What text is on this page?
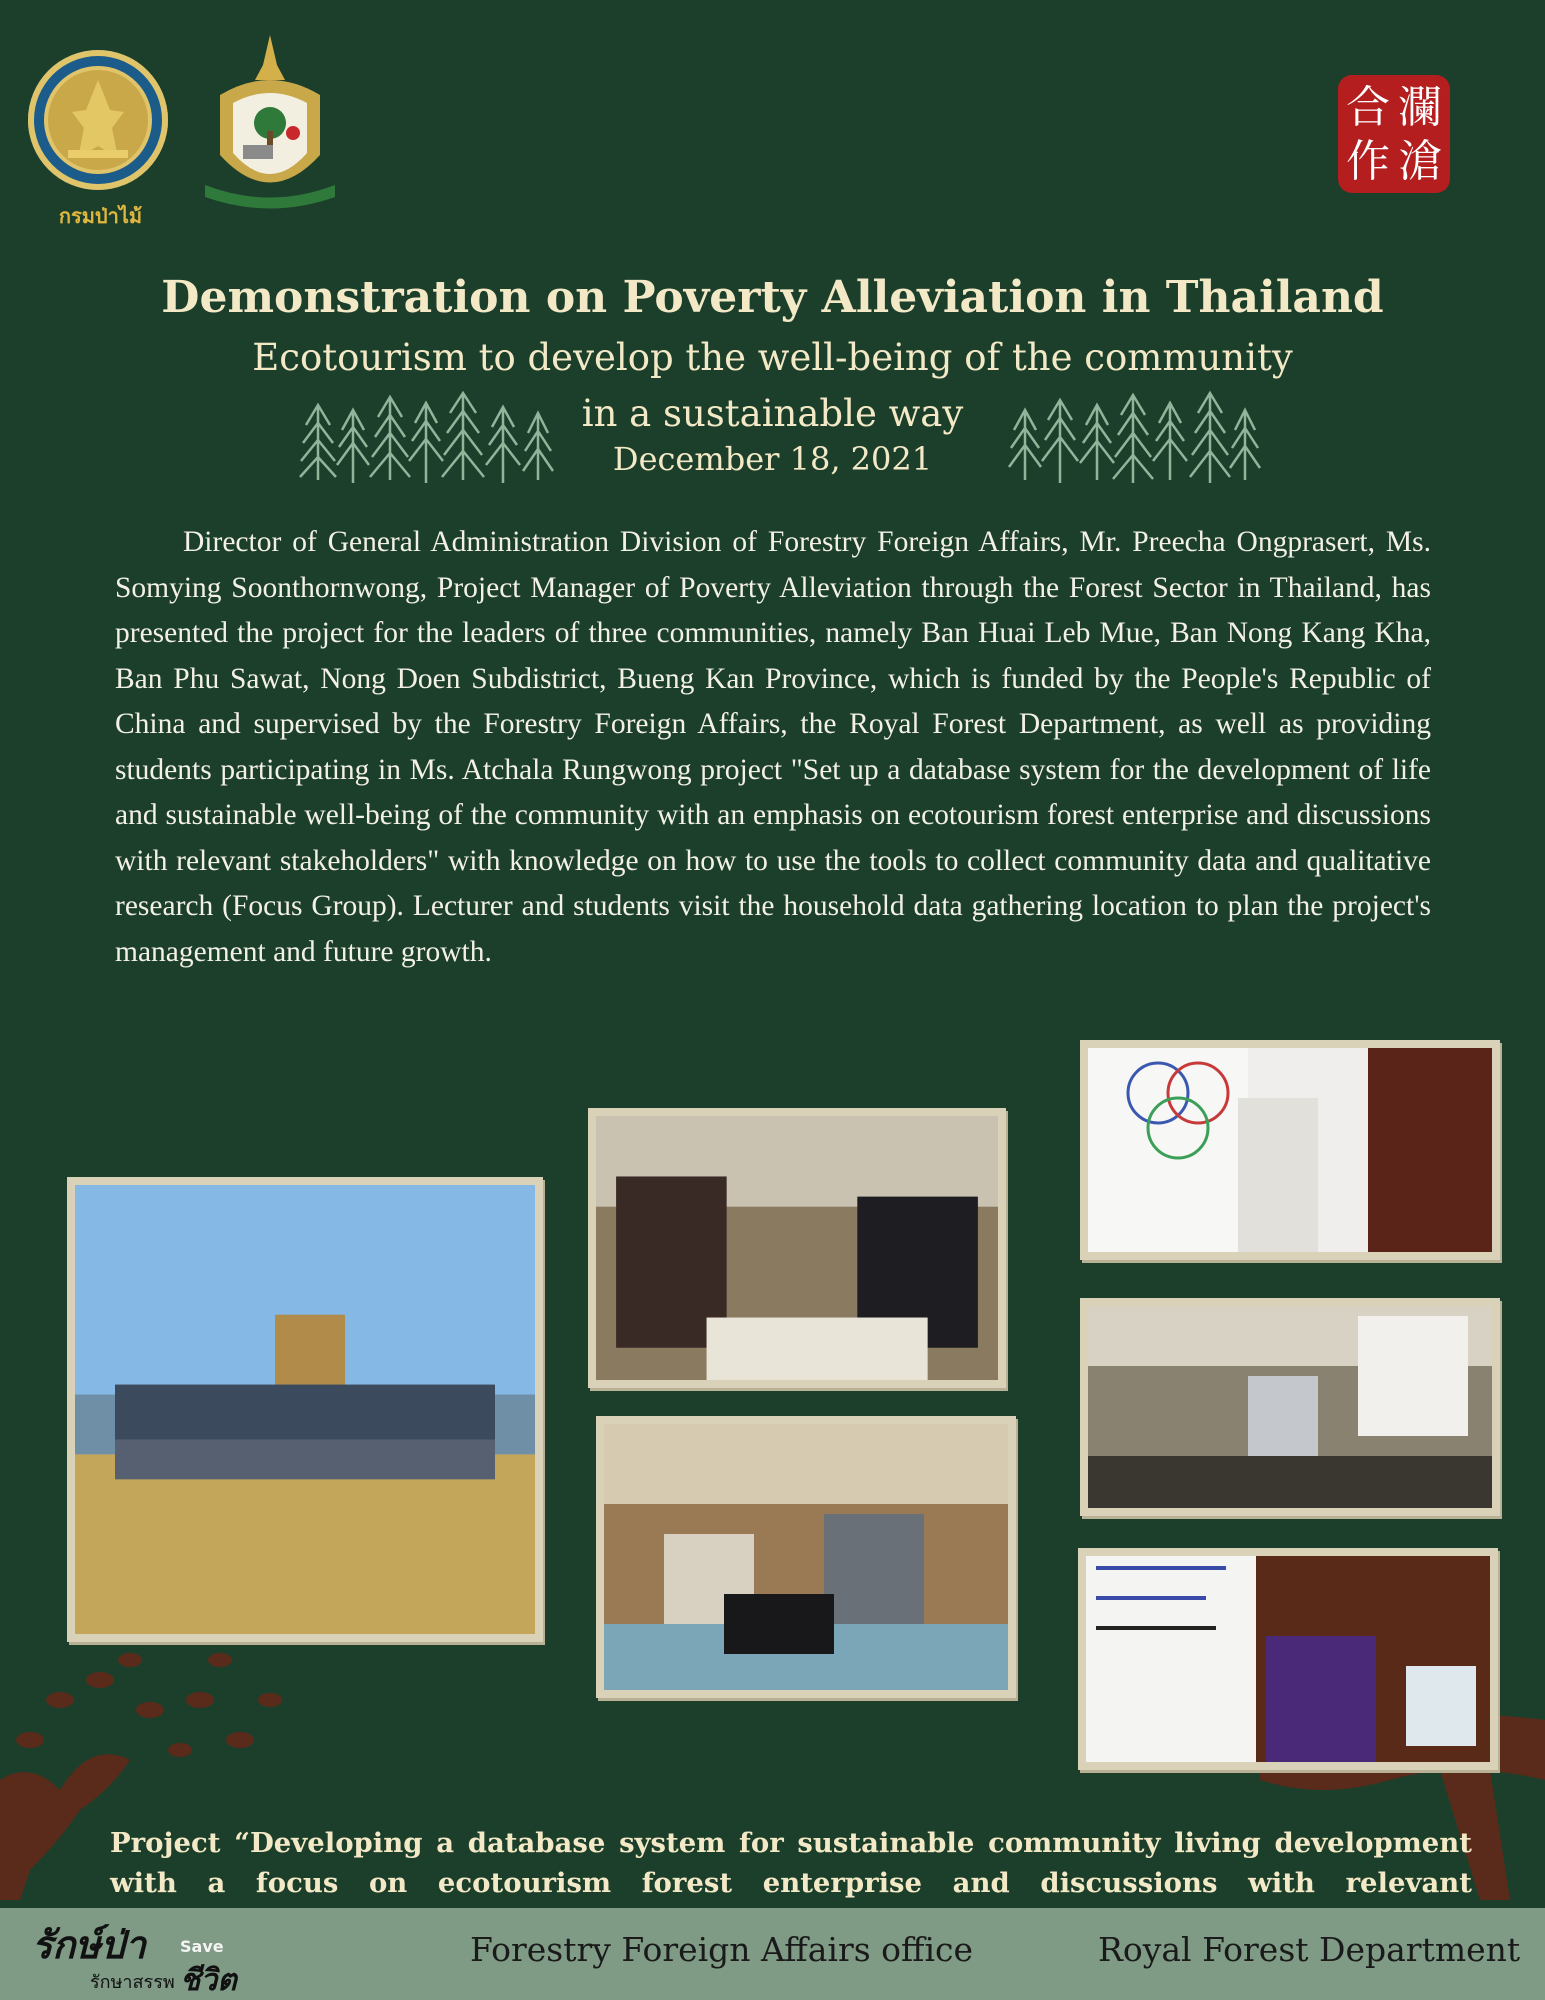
กรมป่าไม้
合 瀾
作 滄
Demonstration on Poverty Alleviation in Thailand
Ecotourism to develop the well-being of the community
in a sustainable way
December 18, 2021

Director of General Administration Division of Forestry Foreign Affairs, Mr. Preecha Ongprasert, Ms. Somying Soonthornwong, Project Manager of Poverty Alleviation through the Forest Sector in Thailand, has presented the project for the leaders of three communities, namely Ban Huai Leb Mue, Ban Nong Kang Kha, Ban Phu Sawat, Nong Doen Subdistrict, Bueng Kan Province, which is funded by the People's Republic of China and supervised by the Forestry Foreign Affairs, the Royal Forest Department, as well as providing students participating in Ms. Atchala Rungwong project "Set up a database system for the development of life and sustainable well-being of the community with an emphasis on ecotourism forest enterprise and discussions with relevant stakeholders" with knowledge on how to use the tools to collect community data and qualitative research (Focus Group). Lecturer and students visit the household data gathering location to plan the project's management and future growth.

Project “Developing a database system for sustainable community living development with a focus on ecotourism forest enterprise and discussions with relevant

รักษ์ป่า Save
รักษาสรรพ ชีวิต
Forestry Foreign Affairs office	Royal Forest Department
